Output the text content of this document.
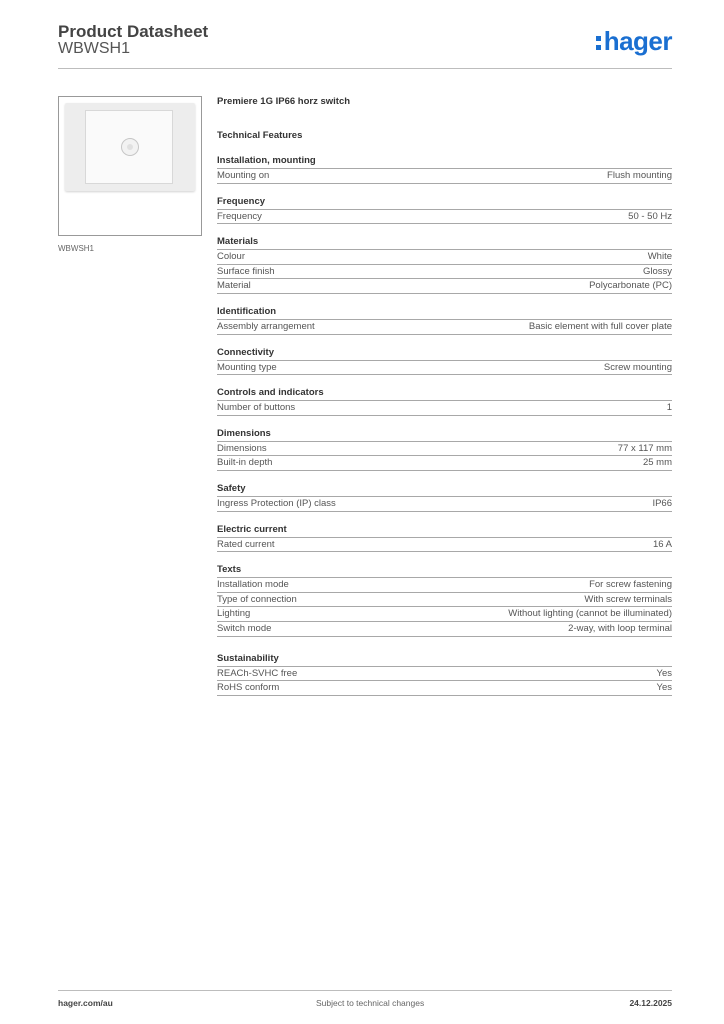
Product Datasheet
WBWSH1	hager
WBWSH1
Premiere 1G IP66 horz switch
Technical Features
Installation, mounting
Mounting on	Flush mounting
Frequency
Frequency	50 - 50 Hz
Materials
Colour	White
Surface finish	Glossy
Material	Polycarbonate (PC)
Identification
Assembly arrangement	Basic element with full cover plate
Connectivity
Mounting type	Screw mounting
Controls and indicators
Number of buttons	1
Dimensions
Dimensions	77 x 117 mm
Built-in depth	25 mm
Safety
Ingress Protection (IP) class	IP66
Electric current
Rated current	16 A
Texts
Installation mode	For screw fastening
Type of connection	With screw terminals
Lighting	Without lighting (cannot be illuminated)
Switch mode	2-way, with loop terminal
Sustainability
REACh-SVHC free	Yes
RoHS conform	Yes
hager.com/au	Subject to technical changes	24.12.2025
